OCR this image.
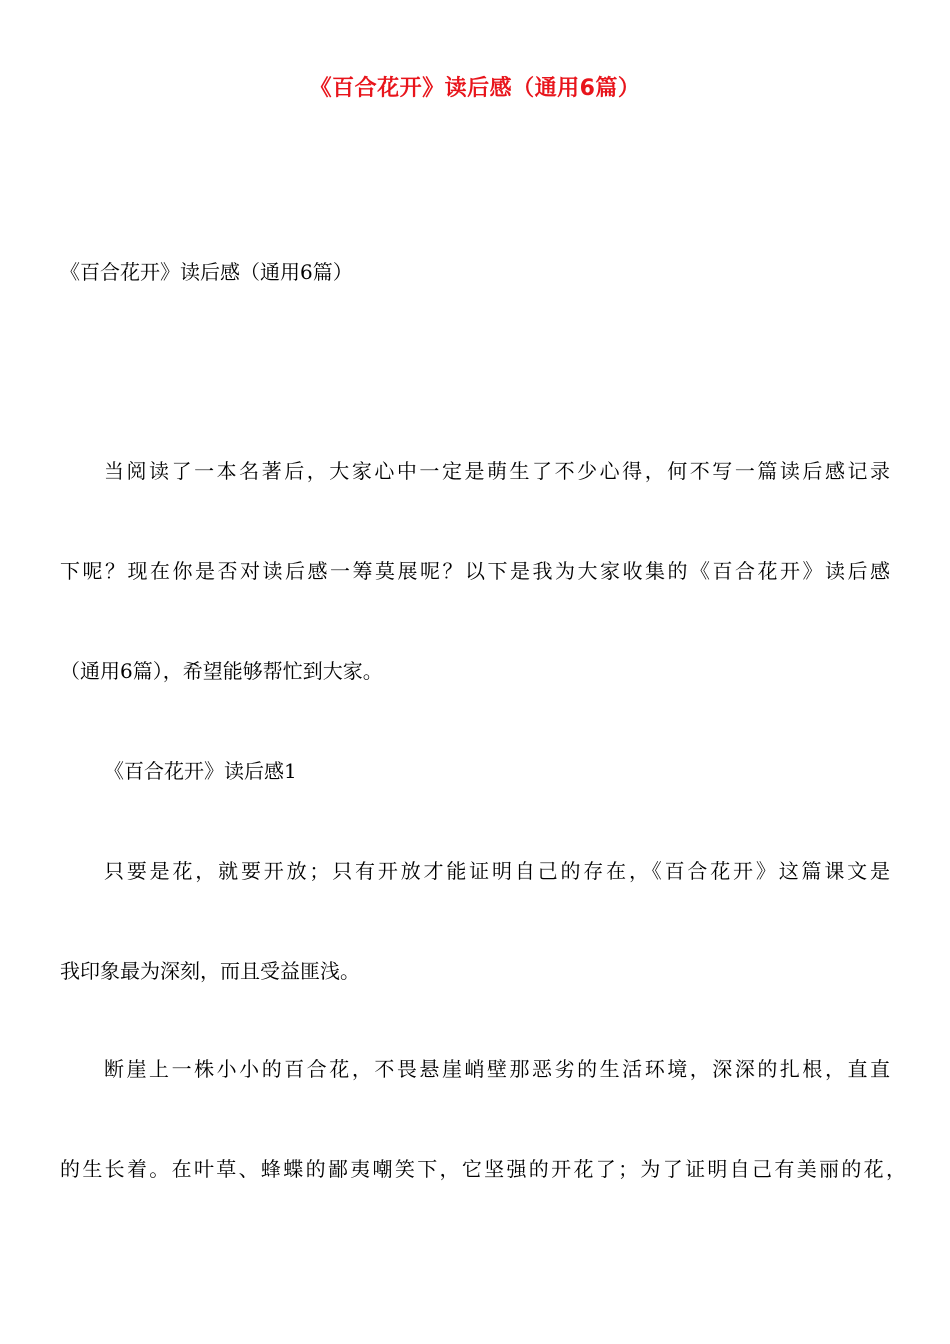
《百合花开》读后感（通用6篇）
《百合花开》读后感（通用6篇）
当阅读了一本名著后，大家心中一定是萌生了不少心得，何不写一篇读后感记录
下呢？现在你是否对读后感一筹莫展呢？以下是我为大家收集的《百合花开》读后感
（通用6篇），希望能够帮忙到大家。
《百合花开》读后感1
只要是花，就要开放；只有开放才能证明自己的存在，《百合花开》这篇课文是
我印象最为深刻，而且受益匪浅。
断崖上一株小小的百合花，不畏悬崖峭壁那恶劣的生活环境，深深的扎根，直直
的生长着。在叶草、蜂蝶的鄙夷嘲笑下，它坚强的开花了；为了证明自己有美丽的花，
